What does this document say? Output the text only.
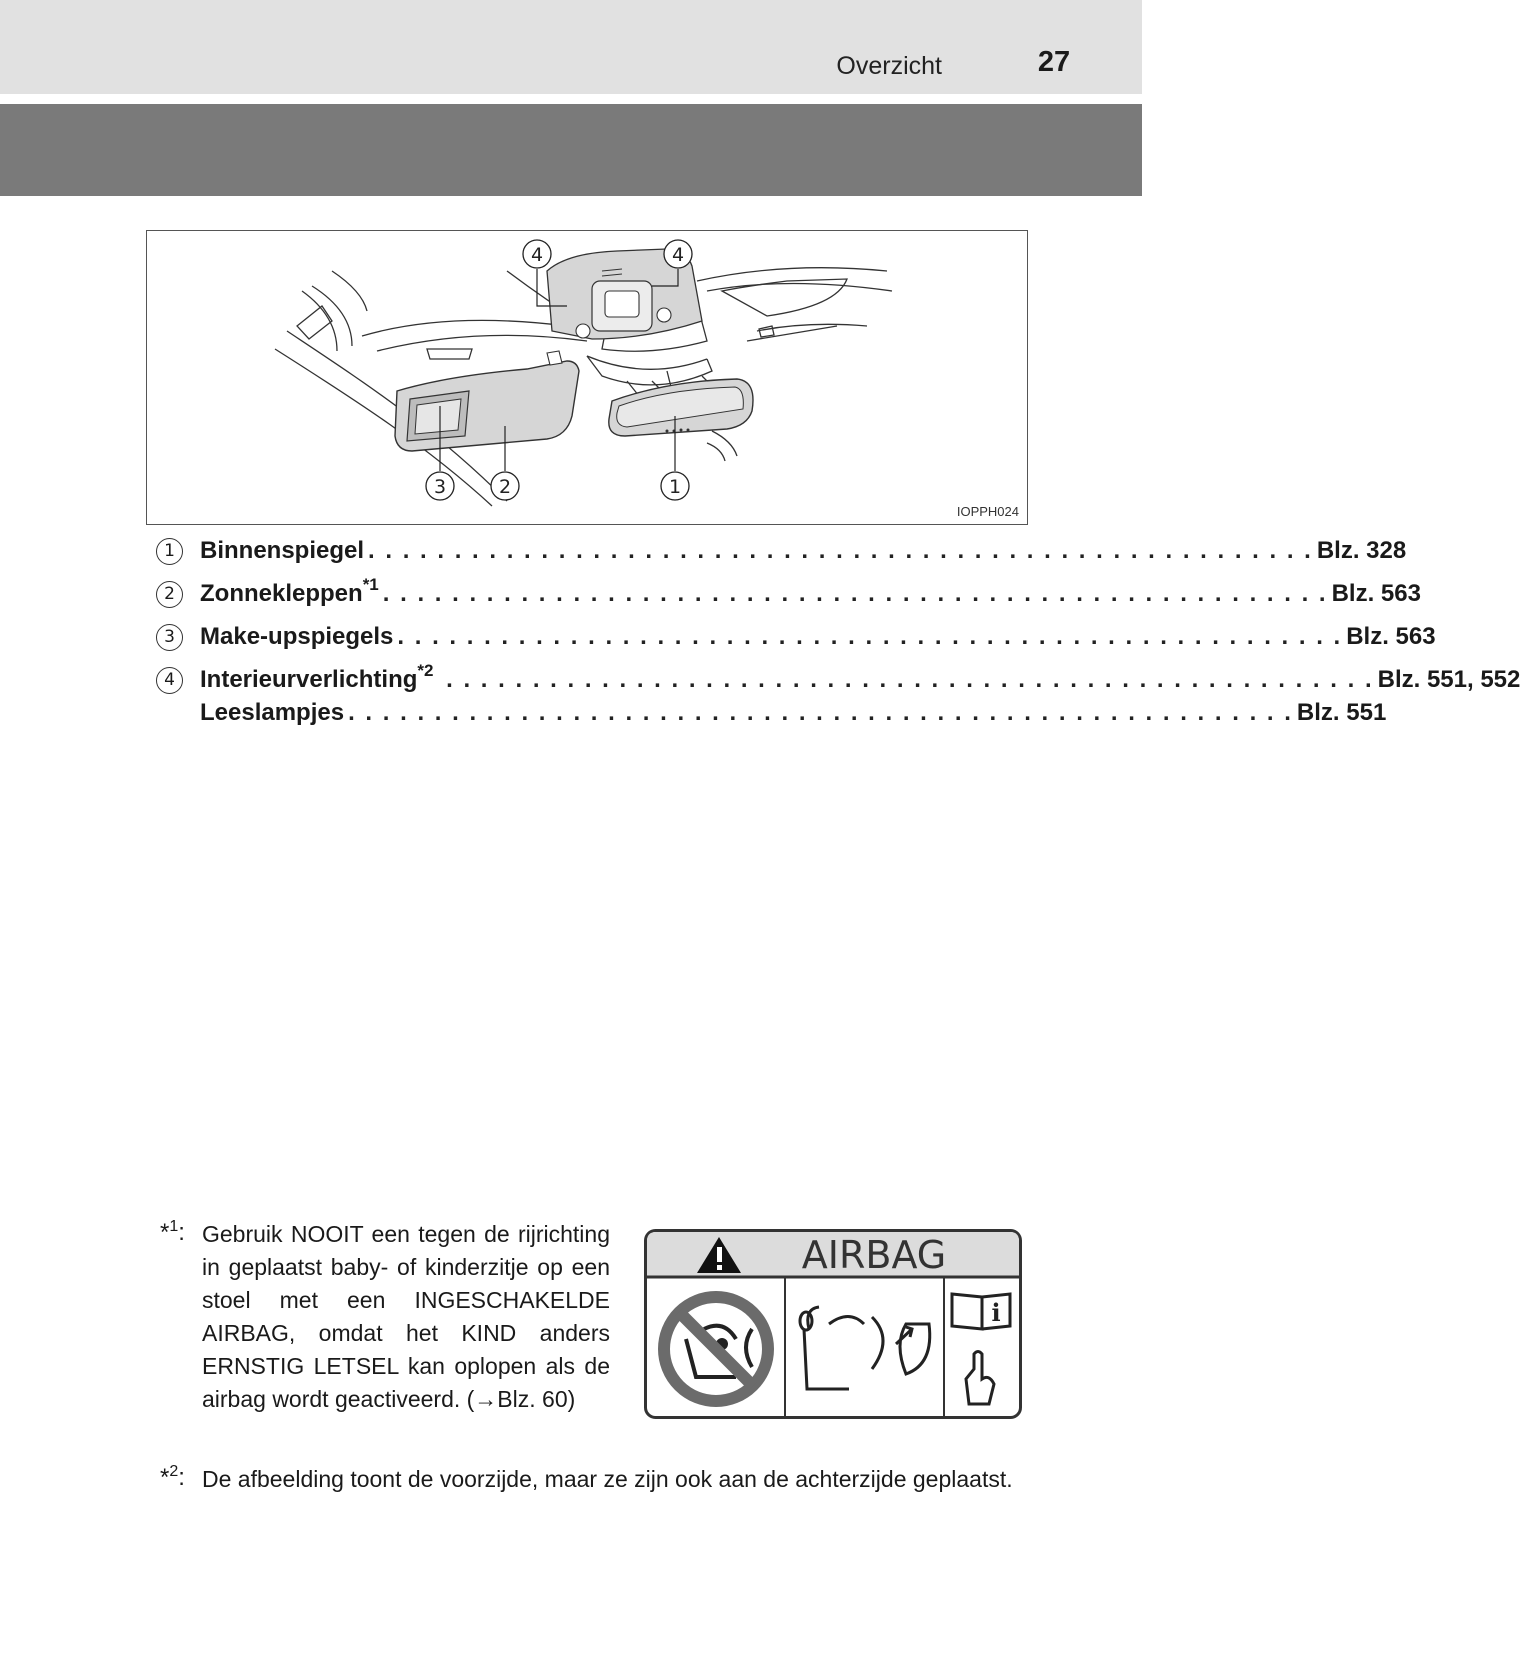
Overzicht	27
4	4
3	2	1
IOPPH024
1	Binnenspiegel . . . . . . . . . . . . . . . . . . . . . . . . . . . . . . . . . . . . . . . . . . . . . . . . . . . . . . . Blz. 328
2	Zonnekleppen$^{*1}$ . . . . . . . . . . . . . . . . . . . . . . . . . . . . . . . . . . . . . . . . . . . . . . . . . . . . . . . Blz. 563
3	Make-upspiegels . . . . . . . . . . . . . . . . . . . . . . . . . . . . . . . . . . . . . . . . . . . . . . . . . . . . . . . Blz. 563
4	Interieurverlichting$^{*2}$ . . . . . . . . . . . . . . . . . . . . . . . . . . . . . . . . . . . . . . . . . . . . . . . . . . . . . . Blz. 551, 552
Leeslampjes . . . . . . . . . . . . . . . . . . . . . . . . . . . . . . . . . . . . . . . . . . . . . . . . . . . . . . . Blz. 551
*$^1$: Gebruik NOOIT een tegen de rijrichting in geplaatst baby- of kinderzitje op een stoel met een INGESCHAKELDE AIRBAG, omdat het KIND anders ERNSTIG LETSEL kan oplopen als de airbag wordt geactiveerd. (→Blz. 60)
AIRBAG
i
*$^2$: De afbeelding toont de voorzijde, maar ze zijn ook aan de achterzijde geplaatst.
